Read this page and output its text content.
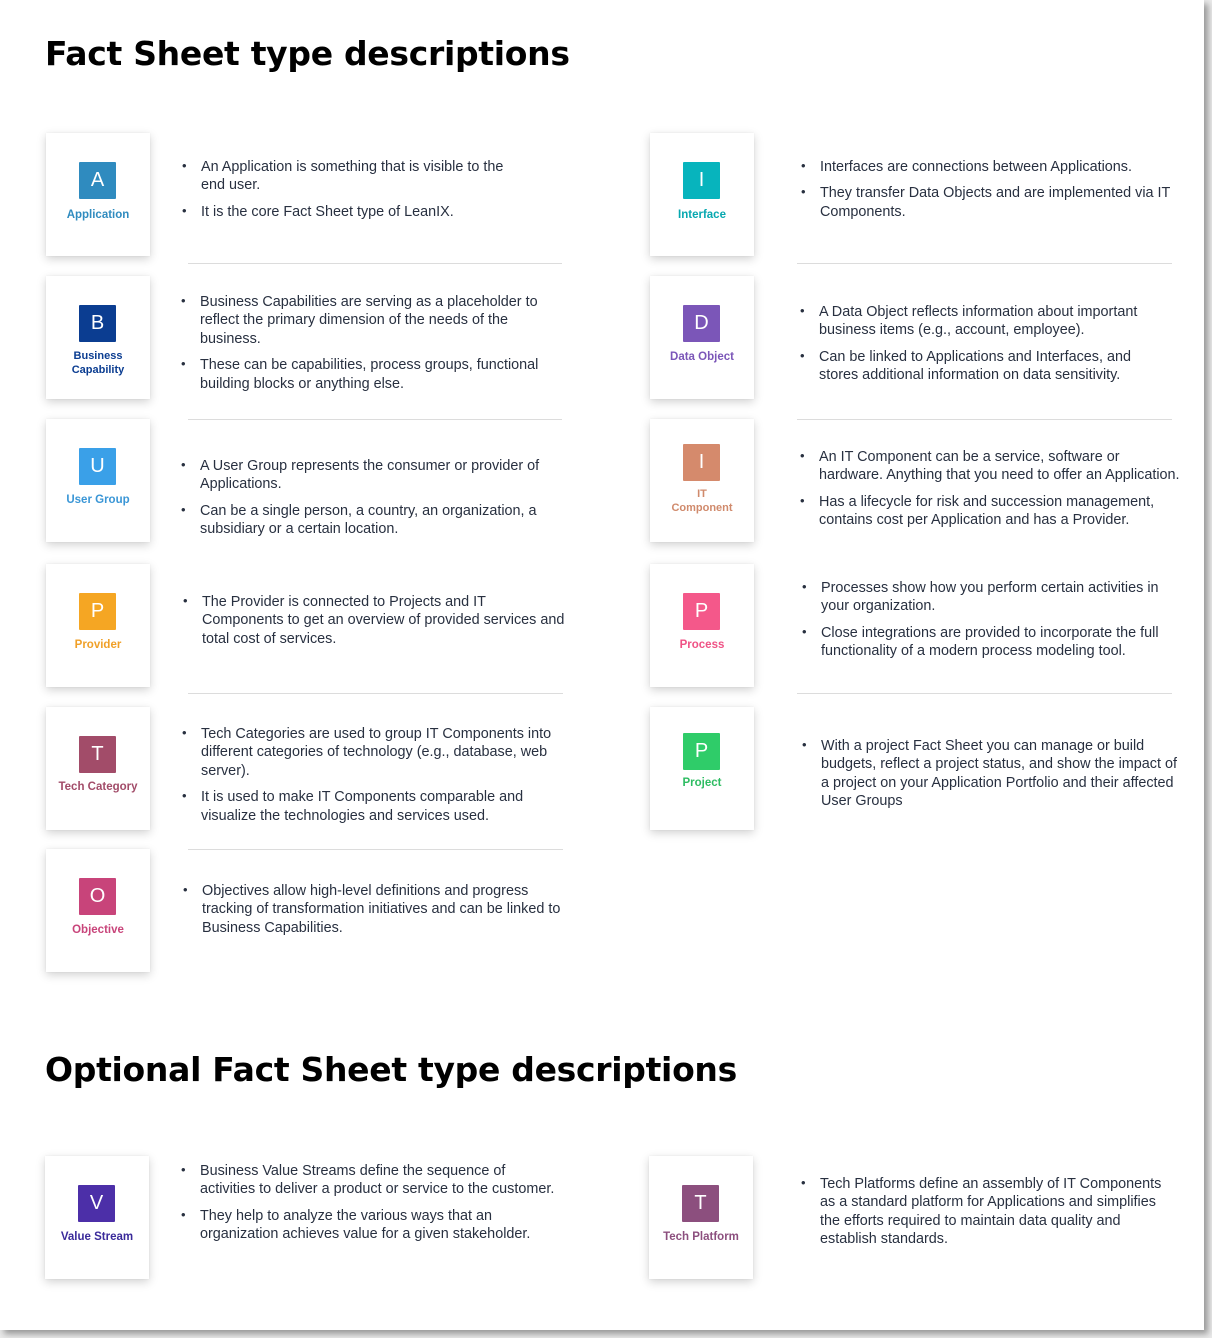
Fact Sheet type descriptions
A
Application
• An Application is something that is visible to the end user.
• It is the core Fact Sheet type of LeanIX.
B
Business Capability
• Business Capabilities are serving as a placeholder to reflect the primary dimension of the needs of the business.
• These can be capabilities, process groups, functional building blocks or anything else.
U
User Group
• A User Group represents the consumer or provider of Applications.
• Can be a single person, a country, an organization, a subsidiary or a certain location.
P
Provider
• The Provider is connected to Projects and IT Components to get an overview of provided services and total cost of services.
T
Tech Category
• Tech Categories are used to group IT Components into different categories of technology (e.g., database, web server).
• It is used to make IT Components comparable and visualize the technologies and services used.
O
Objective
• Objectives allow high-level definitions and progress tracking of transformation initiatives and can be linked to Business Capabilities.
I
Interface
• Interfaces are connections between Applications.
• They transfer Data Objects and are implemented via IT Components.
D
Data Object
• A Data Object reflects information about important business items (e.g., account, employee).
• Can be linked to Applications and Interfaces, and stores additional information on data sensitivity.
I
IT Component
• An IT Component can be a service, software or hardware. Anything that you need to offer an Application.
• Has a lifecycle for risk and succession management, contains cost per Application and has a Provider.
P
Process
• Processes show how you perform certain activities in your organization.
• Close integrations are provided to incorporate the full functionality of a modern process modeling tool.
P
Project
• With a project Fact Sheet you can manage or build budgets, reflect a project status, and show the impact of a project on your Application Portfolio and their affected User Groups
Optional Fact Sheet type descriptions
V
Value Stream
• Business Value Streams define the sequence of activities to deliver a product or service to the customer.
• They help to analyze the various ways that an organization achieves value for a given stakeholder.
T
Tech Platform
• Tech Platforms define an assembly of IT Components as a standard platform for Applications and simplifies the efforts required to maintain data quality and establish standards.
